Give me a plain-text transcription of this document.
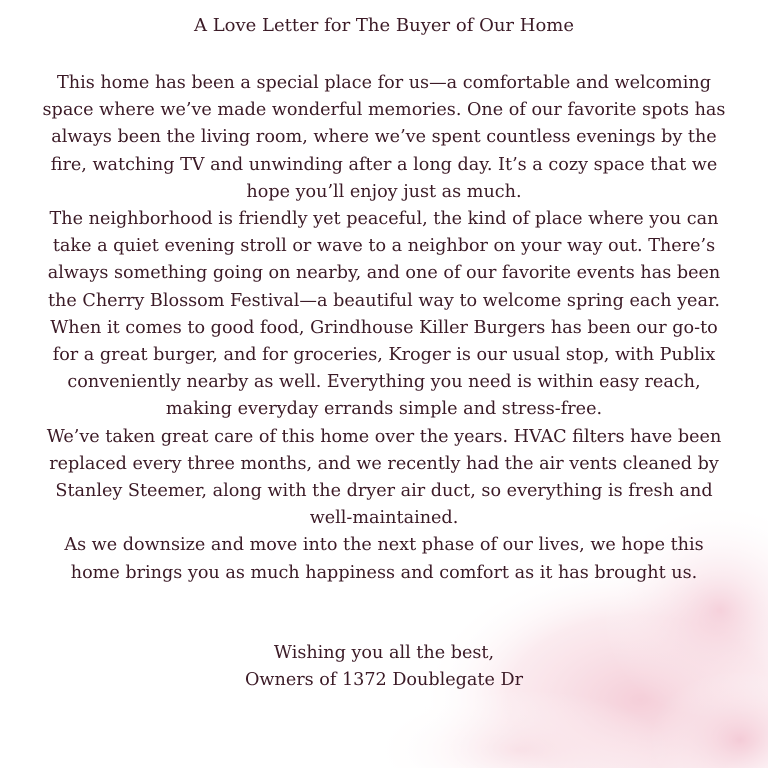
A Love Letter for The Buyer of Our Home

This home has been a special place for us—a comfortable and welcoming space where we’ve made wonderful memories. One of our favorite spots has always been the living room, where we’ve spent countless evenings by the fire, watching TV and unwinding after a long day. It’s a cozy space that we hope you’ll enjoy just as much.

The neighborhood is friendly yet peaceful, the kind of place where you can take a quiet evening stroll or wave to a neighbor on your way out. There’s always something going on nearby, and one of our favorite events has been the Cherry Blossom Festival—a beautiful way to welcome spring each year. When it comes to good food, Grindhouse Killer Burgers has been our go-to for a great burger, and for groceries, Kroger is our usual stop, with Publix conveniently nearby as well. Everything you need is within easy reach, making everyday errands simple and stress-free.

We’ve taken great care of this home over the years. HVAC filters have been replaced every three months, and we recently had the air vents cleaned by Stanley Steemer, along with the dryer air duct, so everything is fresh and well-maintained.

As we downsize and move into the next phase of our lives, we hope this home brings you as much happiness and comfort as it has brought us.

Wishing you all the best,
Owners of 1372 Doublegate Dr
